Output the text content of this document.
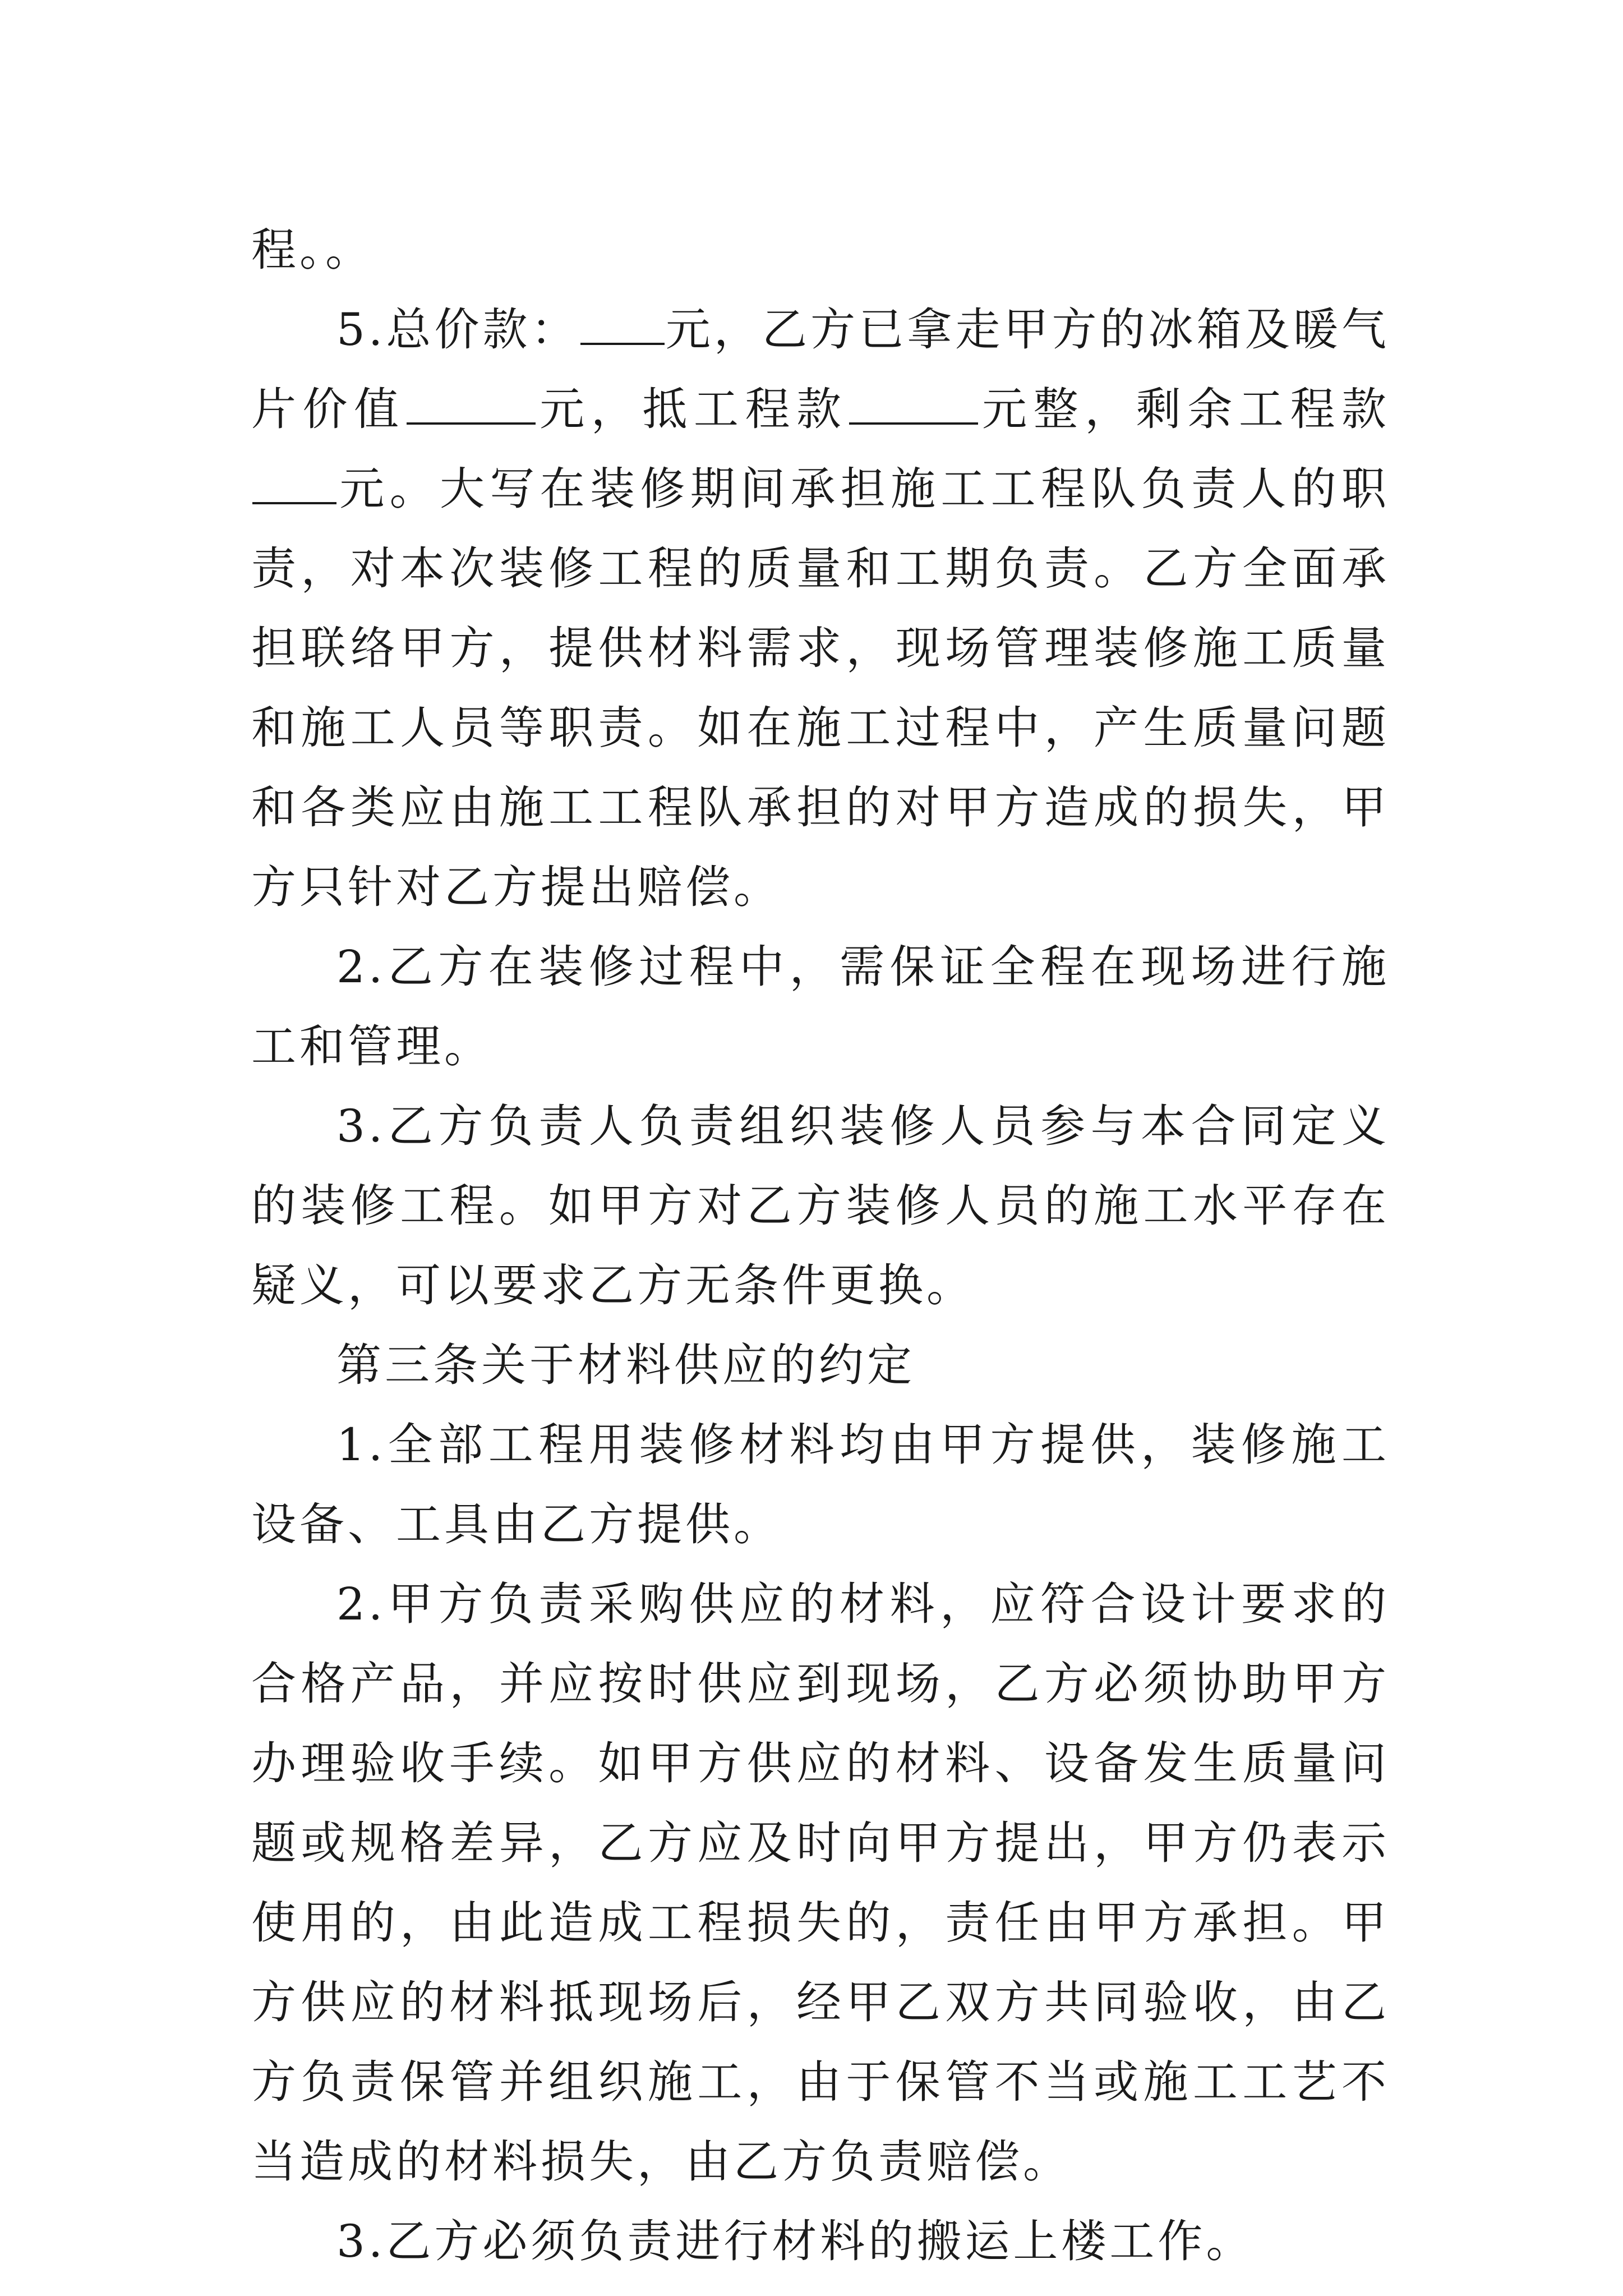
程。。

5.总价款： 元，乙方已拿走甲方的冰箱及暖气片价值	元，抵工程款	元整，剩余工程款元。大写在装修期间承担施工工程队负责人的职责，对本次装修工程的质量和工期负责。乙方全面承担联络甲方，提供材料需求，现场管理装修施工质量和施工人员等职责。如在施工过程中，产生质量问题和各类应由施工工程队承担的对甲方造成的损失，甲方只针对乙方提出赔偿。

2.乙方在装修过程中，需保证全程在现场进行施工和管理。

3.乙方负责人负责组织装修人员参与本合同定义的装修工程。如甲方对乙方装修人员的施工水平存在疑义，可以要求乙方无条件更换。

第三条关于材料供应的约定

1.全部工程用装修材料均由甲方提供，装修施工设备、工具由乙方提供。

2.甲方负责采购供应的材料，应符合设计要求的合格产品，并应按时供应到现场，乙方必须协助甲方办理验收手续。如甲方供应的材料、设备发生质量问题或规格差异，乙方应及时向甲方提出，甲方仍表示使用的，由此造成工程损失的，责任由甲方承担。甲方供应的材料抵现场后，经甲乙双方共同验收，由乙方负责保管并组织施工，由于保管不当或施工工艺不当造成的材料损失，由乙方负责赔偿。

3.乙方必须负责进行材料的搬运上楼工作。
